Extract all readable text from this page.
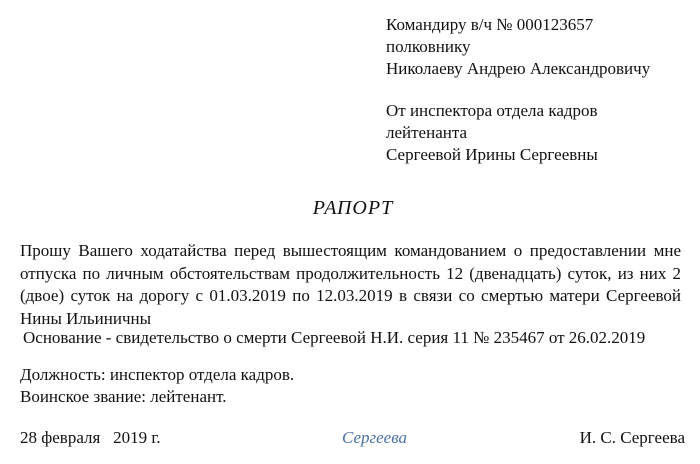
Командиру в/ч № 000123657
полковнику
Николаеву Андрею Александровичу
От инспектора отдела кадров
лейтенанта
Сергеевой Ирины Сергеевны
РАПОРТ
Прошу Вашего ходатайства перед вышестоящим командованием о предоставлении мне отпуска по личным обстоятельствам продолжительность 12 (двенадцать) суток, из них 2 (двое) суток на дорогу с 01.03.2019 по 12.03.2019 в связи со смертью матери Сергеевой Нины Ильиничны
Основание - свидетельство о смерти Сергеевой Н.И. серия 11 № 235467 от 26.02.2019
Должность: инспектор отдела кадров.
Воинское звание: лейтенант.
28 февраля   2019 г.	Сергеева	И. С. Сергеева
